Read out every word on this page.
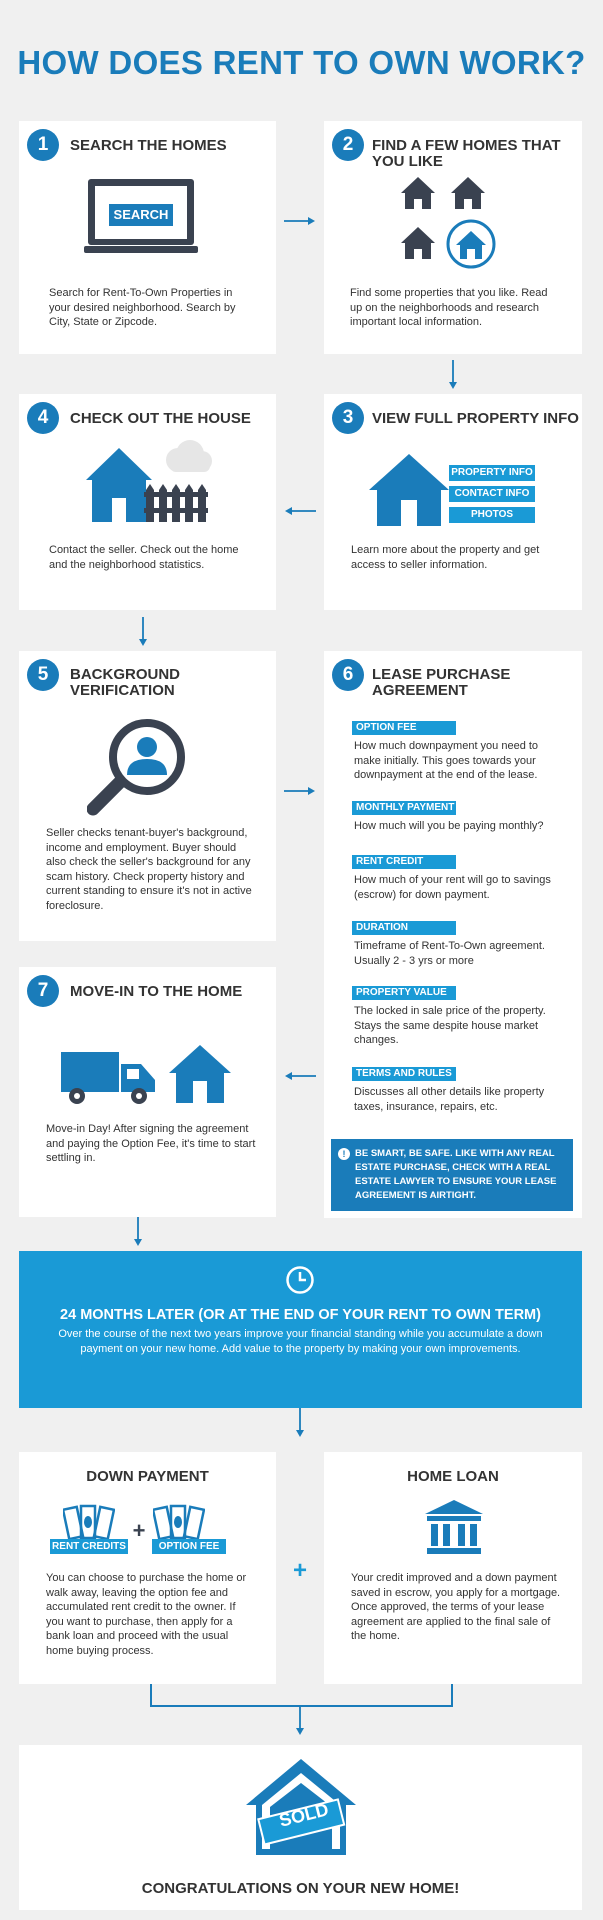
HOW DOES RENT TO OWN WORK?
1	SEARCH THE HOMES
SEARCH
Search for Rent-To-Own Properties in your desired neighborhood. Search by City, State or Zipcode.
2	FIND A FEW HOMES THAT
YOU LIKE
Find some properties that you like. Read up on the neighborhoods and research important local information.
4	CHECK OUT THE HOUSE
Contact the seller. Check out the home and the neighborhood statistics.
3	VIEW FULL PROPERTY INFO
PROPERTY INFO
CONTACT INFO
PHOTOS
Learn more about the property and get access to seller information.
5	BACKGROUND
VERIFICATION
Seller checks tenant-buyer's background, income and employment. Buyer should also check the seller's background for any scam history. Check property history and current standing to ensure it's not in active foreclosure.
6	LEASE PURCHASE
AGREEMENT
OPTION FEE
How much downpayment you need to make initially. This goes towards your downpayment at the end of the lease.
MONTHLY PAYMENT
How much will you be paying monthly?
RENT CREDIT
How much of your rent will go to savings (escrow) for down payment.
DURATION
Timeframe of Rent-To-Own agreement. Usually 2 - 3 yrs or more
PROPERTY VALUE
The locked in sale price of the property. Stays the same despite house market changes.
TERMS AND RULES
Discusses all other details like property taxes, insurance, repairs, etc.
!	BE SMART, BE SAFE. LIKE WITH ANY REAL ESTATE PURCHASE, CHECK WITH A REAL ESTATE LAWYER TO ENSURE YOUR LEASE AGREEMENT IS AIRTIGHT.
7	MOVE-IN TO THE HOME
Move-in Day! After signing the agreement and paying the Option Fee, it's time to start settling in.
24 MONTHS LATER (OR AT THE END OF YOUR RENT TO OWN TERM)
Over the course of the next two years improve your financial standing while you accumulate a down payment on your new home. Add value to the property by making your own improvements.
DOWN PAYMENT
RENT CREDITS
+
OPTION FEE
You can choose to purchase the home or walk away, leaving the option fee and accumulated rent credit to the owner. If you want to purchase, then apply for a bank loan and proceed with the usual home buying process.
+
HOME LOAN
Your credit improved and a down payment saved in escrow, you apply for a mortgage. Once approved, the terms of your lease agreement are applied to the final sale of the home.
SOLD
CONGRATULATIONS ON YOUR NEW HOME!
